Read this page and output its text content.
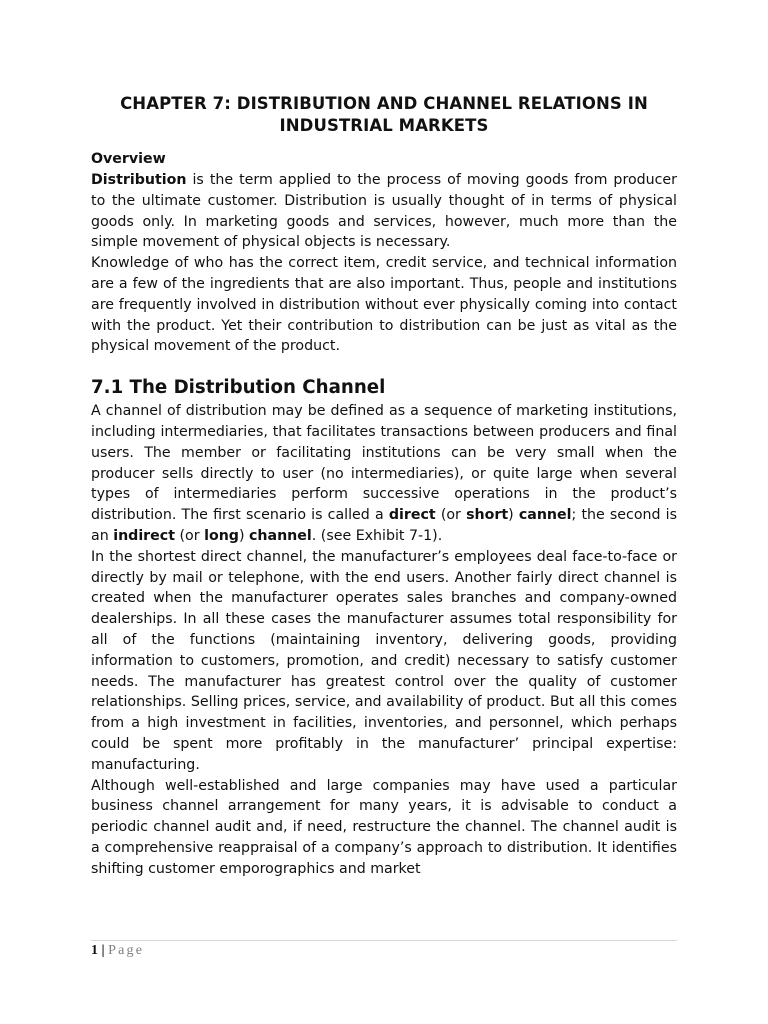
CHAPTER 7: DISTRIBUTION AND CHANNEL RELATIONS IN INDUSTRIAL MARKETS
Overview

Distribution is the term applied to the process of moving goods from producer to the ultimate customer. Distribution is usually thought of in terms of physical goods only. In marketing goods and services, however, much more than the simple movement of physical objects is necessary.

Knowledge of who has the correct item, credit service, and technical information are a few of the ingredients that are also important. Thus, people and institutions are frequently involved in distribution without ever physically coming into contact with the product. Yet their contribution to distribution can be just as vital as the physical movement of the product.

7.1 The Distribution Channel

A channel of distribution may be defined as a sequence of marketing institutions, including intermediaries, that facilitates transactions between producers and final users. The member or facilitating institutions can be very small when the producer sells directly to user (no intermediaries), or quite large when several types of intermediaries perform successive operations in the product’s distribution. The first scenario is called a direct (or short) cannel; the second is an indirect (or long) channel. (see Exhibit 7-1).

In the shortest direct channel, the manufacturer’s employees deal face-to-face or directly by mail or telephone, with the end users. Another fairly direct channel is created when the manufacturer operates sales branches and company-owned dealerships. In all these cases the manufacturer assumes total responsibility for all of the functions (maintaining inventory, delivering goods, providing information to customers, promotion, and credit) necessary to satisfy customer needs. The manufacturer has greatest control over the quality of customer relationships. Selling prices, service, and availability of product. But all this comes from a high investment in facilities, inventories, and personnel, which perhaps could be spent more profitably in the manufacturer’ principal expertise: manufacturing.

Although well-established and large companies may have used a particular business channel arrangement for many years, it is advisable to conduct a periodic channel audit and, if need, restructure the channel. The channel audit is a comprehensive reappraisal of a company’s approach to distribution. It identifies shifting customer emporographics and market

1 | Page
